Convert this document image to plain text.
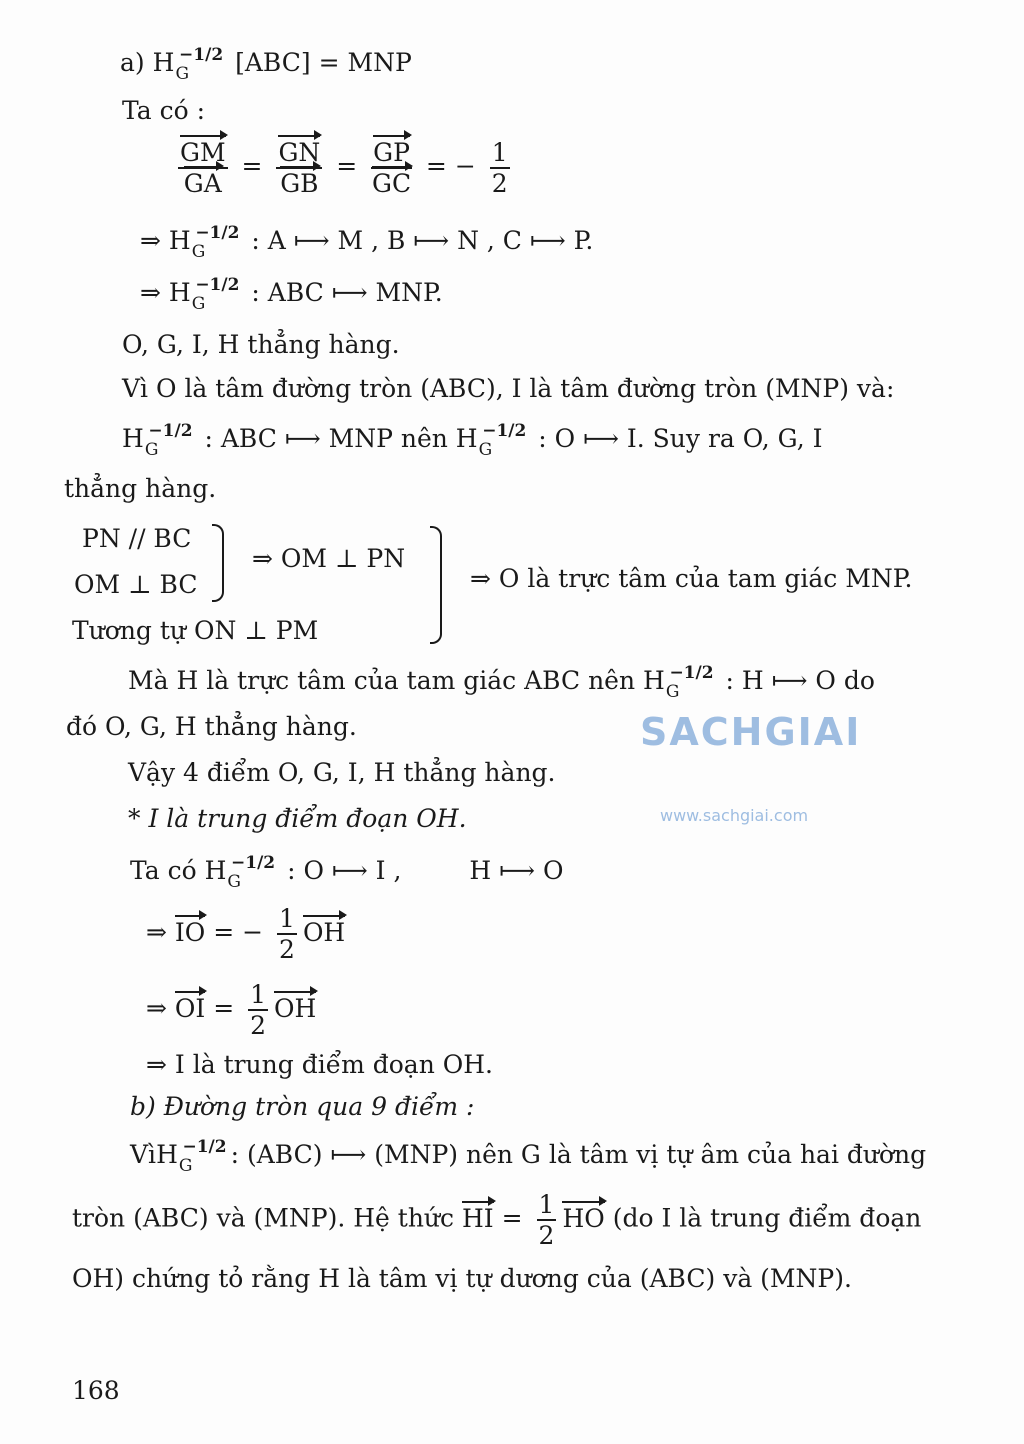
a) $H_G^{-1/2}$ [ABC] = MNP
Ta có :
$\frac{GM}{GA} = \frac{GN}{GB} = \frac{GP}{GC}$ = − $\frac{1}{2}$
⇒ $H_G^{-1/2}$ : A ⟼ M , B ⟼ N , C ⟼ P.
⇒ $H_G^{-1/2}$ : ABC ⟼ MNP.
O, G, I, H thẳng hàng.
Vì O là tâm đường tròn (ABC), I là tâm đường tròn (MNP) và:
$H_G^{-1/2}$ : ABC ⟼ MNP nên $H_G^{-1/2}$ : O ⟼ I. Suy ra O, G, I
thẳng hàng.
PN // BC
OM ⊥ BC
⇒ OM ⊥ PN
Tương tự ON ⊥ PM
⇒ O là trực tâm của tam giác MNP.
Mà H là trực tâm của tam giác ABC nên $H_G^{-1/2}$ : H ⟼ O do
đó O, G, H thẳng hàng.
Vậy 4 điểm O, G, I, H thẳng hàng.
SACHGIAI
www.sachgiai.com
* I là trung điểm đoạn OH.
Ta có $H_G^{-1/2}$ : O ⟼ I ,	H ⟼ O
⇒ IO = − $\frac{1}{2}$ OH
⇒ OI = $\frac{1}{2}$ OH
⇒ I là trung điểm đoạn OH.
b) Đường tròn qua 9 điểm :
VìH$_G^{-1/2}$ : (ABC) ⟼ (MNP) nên G là tâm vị tự âm của hai đường
tròn (ABC) và (MNP). Hệ thức HI = $\frac{1}{2}$ HO (do I là trung điểm đoạn
OH) chứng tỏ rằng H là tâm vị tự dương của (ABC) và (MNP).
168
